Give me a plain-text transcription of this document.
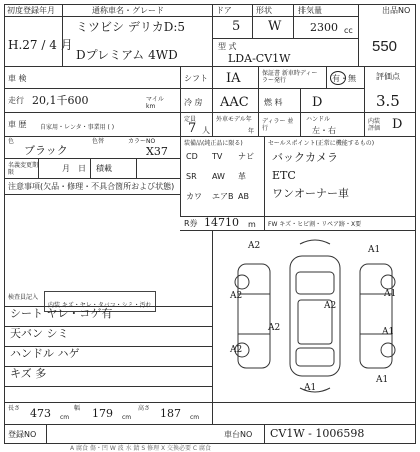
初度登録年月
H.27 / 4 月
通称車名・グレード
ミツビシ デリカD:5
Dプレミアム 4WD
ドア
5
形状
W
排気量
2300 cc
型 式
LDA-CV1W
出品NO
550
車 検
走行 20,1千600	マイル km
車 歴 自家用・レンタ・事業用 ( )
シフト IA	保証書 新車時ディーラー発行	有・無
冷 房 AAC 燃 料 D
定員
7 人
外車モデル年
年
ディラー 並行
ハンドル
左・右
評価点
3.5
内装 評価 D
色
ブラック
色替	カラーNO
X37
名義変更期限	月 日 積載
注意事項(欠品・修理・不具合箇所および状態)
装備品(純正品に限る)
CD TV ナビ
SR AW 革
カワ エアB AB
R券 14710 m FW キズ・ヒビ割・リペア跡・X要
セールスポイント(正常に機能するもの)
バックカメラ
ETC
ワンオーナー車
検査員記入
内装 キズ・ヤレ・タバコ・シミ・汚れ
シート ヤレ・コゲ有
天バン シミ
ハンドル ハゲ
キズ 多
A2	A1
A2	A1
A2
A1
A1
A1
A2
A2
長さ 473 cm
幅 179 cm
高さ 187 cm
登録NO	車台NO CV1W - 1006598
A 腐食 傷・凹 W 波 水 錆 S 修理 X 交換必要 C 腐食
